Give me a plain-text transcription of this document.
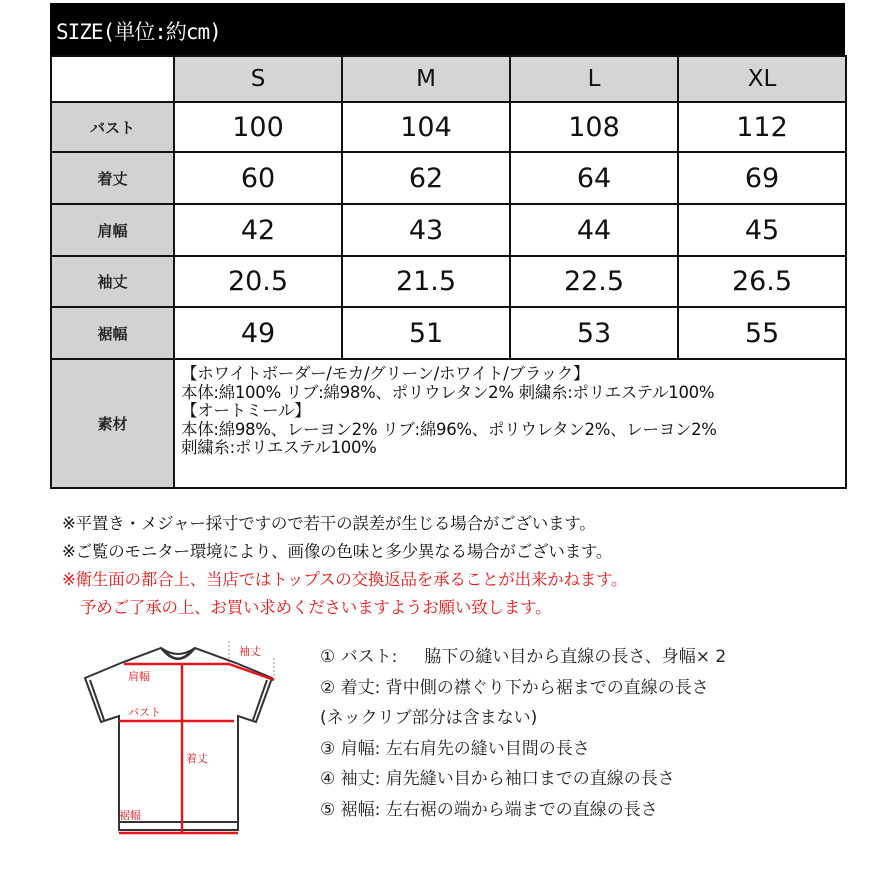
SIZE(単位:約cm)
	S	M	L	XL
バスト	100	104	108	112
着丈	60	62	64	69
肩幅	42	43	44	45
袖丈	20.5	21.5	22.5	26.5
裾幅	49	51	53	55
素材	【ホワイトボーダー/モカ/グリーン/ホワイト/ブラック】
本体:綿100% リブ:綿98%、ポリウレタン2% 刺繍糸:ポリエステル100%
【オートミール】
本体:綿98%、レーヨン2% リブ:綿96%、ポリウレタン2%、レーヨン2%
刺繍糸:ポリエステル100%			
※平置き・メジャー採寸ですので若干の誤差が生じる場合がございます。
※ご覧のモニター環境により、画像の色味と多少異なる場合がございます。
※衛生面の都合上、当店ではトップスの交換返品を承ることが出来かねます。
予めご了承の上、お買い求めくださいますようお願い致します。
肩幅
袖丈
バスト
着丈
裾幅
① バスト: 脇下の縫い目から直線の長さ、身幅× 2
② 着丈: 背中側の襟ぐり下から裾までの直線の長さ
(ネックリブ部分は含まない)
③ 肩幅: 左右肩先の縫い目間の長さ
④ 袖丈: 肩先縫い目から袖口までの直線の長さ
⑤ 裾幅: 左右裾の端から端までの直線の長さ
